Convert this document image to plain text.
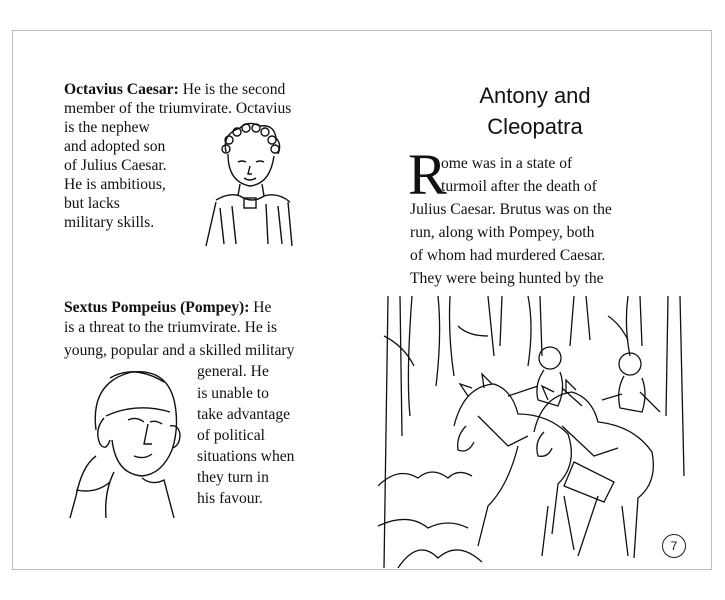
Octavius Caesar: He is the second
member of the triumvirate. Octavius
is the nephew
and adopted son
of Julius Caesar.
He is ambitious,
but lacks
military skills.
Sextus Pompeius (Pompey): He
is a threat to the triumvirate. He is
young, popular and a skilled military
general. He
is unable to
take advantage
of political
situations when
they turn in
his favour.
Antony and
Cleopatra
R
ome was in a state of
turmoil after the death of
Julius Caesar. Brutus was on the
run, along with Pompey, both
of whom had murdered Caesar.
They were being hunted by the
7
